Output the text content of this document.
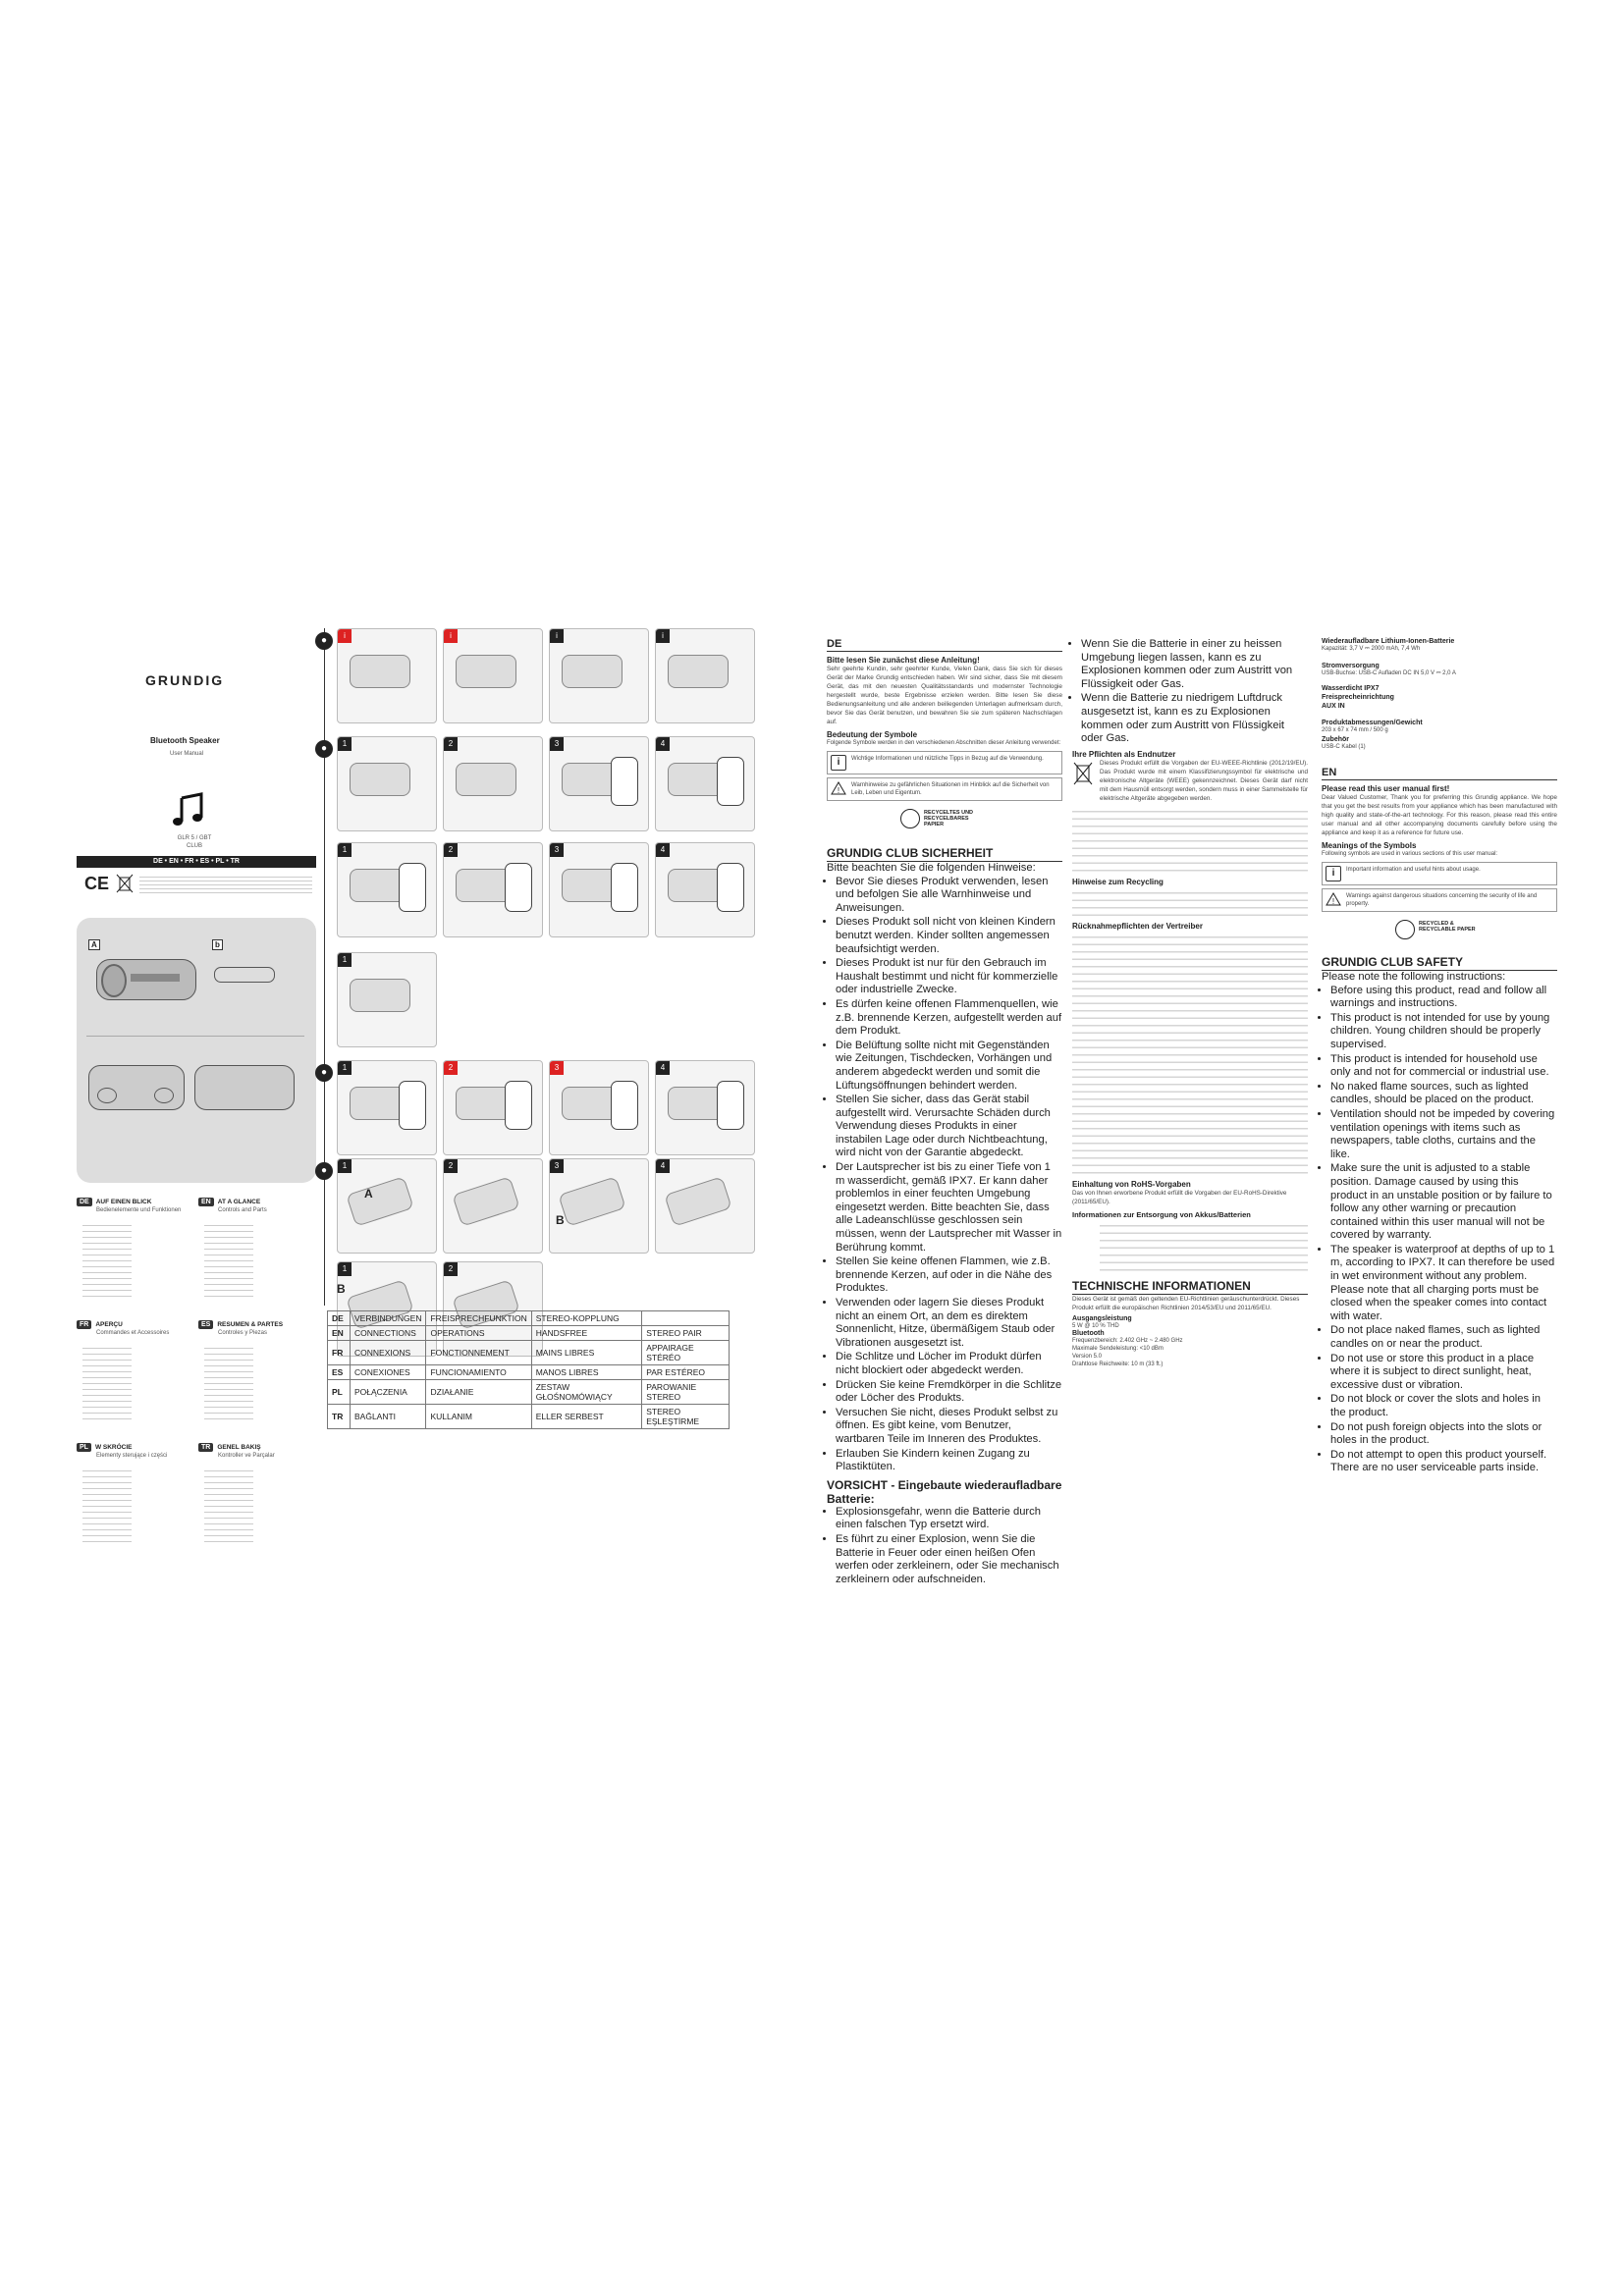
GRUNDIG
Bluetooth Speaker
User Manual
GLR 5 / GBT CLUB
DE • EN • FR • ES • PL • TR
CE
A	b
DE AUF EINEN BLICK
Bedienelemente und Funktionen
EN AT A GLANCE
Controls and Parts
FR APERÇU
Commandes et Accessoires
ES RESUMEN & PARTES
Controles y Piezas
PL W SKRÓCIE
Elementy sterujące i części
TR GENEL BAKIŞ
Kontroller ve Parçalar
●	i	i	i	i
●	1	2	3	4
1	2	3	4
1
●	1	2	3	4
●	1	2	3	4
1	2
A
B
B
DE	VERBINDUNGEN	FREISPRECHFUNKTION	STEREO-KOPPLUNG	
EN	CONNECTIONS	OPERATIONS	HANDSFREE	STEREO PAIR
FR	CONNEXIONS	FONCTIONNEMENT	MAINS LIBRES	APPAIRAGE STÉRÉO
ES	CONEXIONES	FUNCIONAMIENTO	MANOS LIBRES	PAR ESTÉREO
PL	POŁĄCZENIA	DZIAŁANIE	ZESTAW GŁOŚNOMÓWIĄCY	PAROWANIE STEREO
TR	BAĞLANTI	KULLANIM	ELLER SERBEST	STEREO EŞLEŞTİRME
DE
Bitte lesen Sie zunächst diese Anleitung!
Sehr geehrte Kundin, sehr geehrter Kunde, Vielen Dank, dass Sie sich für dieses Gerät der Marke Grundig entschieden haben. Wir sind sicher, dass Sie mit diesem Gerät, das mit den neuesten Qualitätsstandards und modernster Technologie hergestellt wurde, beste Ergebnisse erzielen werden. Bitte lesen Sie diese Bedienungsanleitung und alle anderen beiliegenden Unterlagen aufmerksam durch, bevor Sie das Gerät benutzen, und bewahren Sie sie zum späteren Nachschlagen auf.
Bedeutung der Symbole
Folgende Symbole werden in den verschiedenen Abschnitten dieser Anleitung verwendet:
i	Wichtige Informationen und nützliche Tipps in Bezug auf die Verwendung.
!
Warnhinweise zu gefährlichen Situationen im Hinblick auf die Sicherheit von Leib, Leben und Eigentum.
RECYCELTES UND RECYCELBARES PAPIER
GRUNDIG CLUB SICHERHEIT
Bitte beachten Sie die folgenden Hinweise:
• Bevor Sie dieses Produkt verwenden, lesen und befolgen Sie alle Warnhinweise und Anweisungen.
• Dieses Produkt soll nicht von kleinen Kindern benutzt werden. Kinder sollten angemessen beaufsichtigt werden.
• Dieses Produkt ist nur für den Gebrauch im Haushalt bestimmt und nicht für kommerzielle oder industrielle Zwecke.
• Es dürfen keine offenen Flammenquellen, wie z.B. brennende Kerzen, aufgestellt werden auf dem Produkt.
• Die Belüftung sollte nicht mit Gegenständen wie Zeitungen, Tischdecken, Vorhängen und anderem abgedeckt werden und somit die Lüftungsöffnungen behindert werden.
• Stellen Sie sicher, dass das Gerät stabil aufgestellt wird. Verursachte Schäden durch Verwendung dieses Produkts in einer instabilen Lage oder durch Nichtbeachtung, wird nicht von der Garantie abgedeckt.
• Der Lautsprecher ist bis zu einer Tiefe von 1 m wasserdicht, gemäß IPX7. Er kann daher problemlos in einer feuchten Umgebung eingesetzt werden. Bitte beachten Sie, dass alle Ladeanschlüsse geschlossen sein müssen, wenn der Lautsprecher mit Wasser in Berührung kommt.
• Stellen Sie keine offenen Flammen, wie z.B. brennende Kerzen, auf oder in die Nähe des Produktes.
• Verwenden oder lagern Sie dieses Produkt nicht an einem Ort, an dem es direktem Sonnenlicht, Hitze, übermäßigem Staub oder Vibrationen ausgesetzt ist.
• Die Schlitze und Löcher im Produkt dürfen nicht blockiert oder abgedeckt werden.
• Drücken Sie keine Fremdkörper in die Schlitze oder Löcher des Produkts.
• Versuchen Sie nicht, dieses Produkt selbst zu öffnen. Es gibt keine, vom Benutzer, wartbaren Teile im Inneren des Produktes.
• Erlauben Sie Kindern keinen Zugang zu Plastiktüten.
VORSICHT - Eingebaute wiederaufladbare Batterie:
• Explosionsgefahr, wenn die Batterie durch einen falschen Typ ersetzt wird.
• Es führt zu einer Explosion, wenn Sie die Batterie in Feuer oder einen heißen Ofen werfen oder zerkleinern, oder Sie mechanisch zerkleinern oder aufschneiden.
• Wenn Sie die Batterie in einer zu heissen Umgebung liegen lassen, kann es zu Explosionen kommen oder zum Austritt von Flüssigkeit oder Gas.
• Wenn die Batterie zu niedrigem Luftdruck ausgesetzt ist, kann es zu Explosionen kommen oder zum Austritt von Flüssigkeit oder Gas.
Ihre Pflichten als Endnutzer
Dieses Produkt erfüllt die Vorgaben der EU-WEEE-Richtlinie (2012/19/EU). Das Produkt wurde mit einem Klassifizierungssymbol für elektrische und elektronische Altgeräte (WEEE) gekennzeichnet. Dieses Gerät darf nicht mit dem Hausmüll entsorgt werden, sondern muss in einer Sammelstelle für elektrische Altgeräte abgegeben werden.
Hinweise zum Recycling
Rücknahmepflichten der Vertreiber
Einhaltung von RoHS-Vorgaben
Das von Ihnen erworbene Produkt erfüllt die Vorgaben der EU-RoHS-Direktive (2011/65/EU).
Informationen zur Entsorgung von Akkus/Batterien
TECHNISCHE INFORMATIONEN
Dieses Gerät ist gemäß den geltenden EU-Richtlinien geräuschunterdrückt. Dieses Produkt erfüllt die europäischen Richtlinien 2014/53/EU und 2011/65/EU.
Ausgangsleistung
5 W @ 10 % THD
Bluetooth
Frequenzbereich: 2.402 GHz ~ 2.480 GHz
Maximale Sendeleistung: <10 dBm
Version 5.0
Drahtlose Reichweite: 10 m (33 ft.)
Wiederaufladbare Lithium-Ionen-Batterie
Kapazität: 3,7 V ⎓ 2000 mAh, 7,4 Wh
Stromversorgung
USB-Buchse: USB-C Aufladen DC IN 5,0 V ⎓ 2,0 A
Wasserdicht IPX7
Freisprecheinrichtung
AUX IN
Produktabmessungen/Gewicht
203 x 67 x 74 mm / 500 g
Zubehör
USB-C Kabel (1)
EN
Please read this user manual first!
Dear Valued Customer, Thank you for preferring this Grundig appliance. We hope that you get the best results from your appliance which has been manufactured with high quality and state-of-the-art technology. For this reason, please read this entire user manual and all other accompanying documents carefully before using the appliance and keep it as a reference for future use.
Meanings of the Symbols
Following symbols are used in various sections of this user manual:
i	Important information and useful hints about usage.
!
Warnings against dangerous situations concerning the security of life and property.
RECYCLED & RECYCLABLE PAPER
GRUNDIG CLUB SAFETY
Please note the following instructions:
• Before using this product, read and follow all warnings and instructions.
• This product is not intended for use by young children. Young children should be properly supervised.
• This product is intended for household use only and not for commercial or industrial use.
• No naked flame sources, such as lighted candles, should be placed on the product.
• Ventilation should not be impeded by covering ventilation openings with items such as newspapers, table cloths, curtains and the like.
• Make sure the unit is adjusted to a stable position. Damage caused by using this product in an unstable position or by failure to follow any other warning or precaution contained within this user manual will not be covered by warranty.
• The speaker is waterproof at depths of up to 1 m, according to IPX7. It can therefore be used in wet environment without any problem. Please note that all charging ports must be closed when the speaker comes into contact with water.
• Do not place naked flames, such as lighted candles on or near the product.
• Do not use or store this product in a place where it is subject to direct sunlight, heat, excessive dust or vibration.
• Do not block or cover the slots and holes in the product.
• Do not push foreign objects into the slots or holes in the product.
• Do not attempt to open this product yourself. There are no user serviceable parts inside.
